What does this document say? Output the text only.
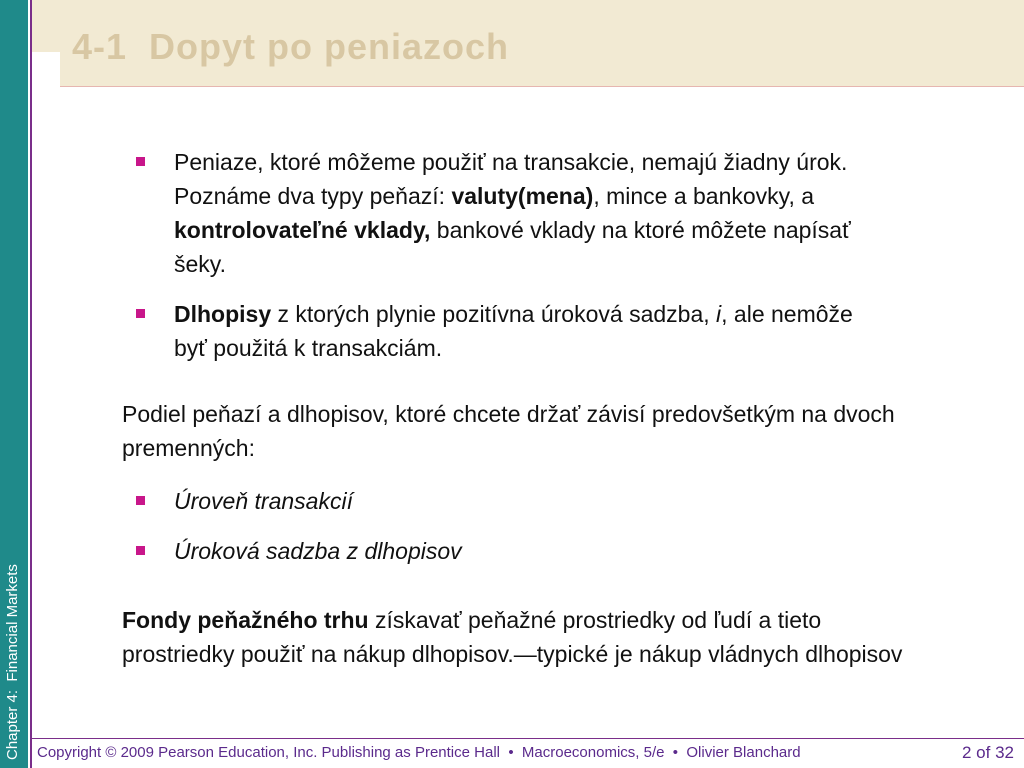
Chapter 4:  Financial Markets
4-1  Dopyt po peniazoch
Peniaze, ktoré môžeme použiť na transakcie, nemajú žiadny úrok. Poznáme dva typy peňazí: valuty(mena), mince a bankovky, a kontrolovateľné vklady, bankové vklady na ktoré môžete napísať šeky.
Dlhopisy z ktorých plynie pozitívna úroková sadzba, i, ale nemôže byť použitá k transakciám.
Podiel peňazí a dlhopisov, ktoré chcete držať závisí predovšetkým na dvoch premenných:
Úroveň transakcií
Úroková sadzba z dlhopisov
Fondy peňažného trhu získavať peňažné prostriedky od ľudí a tieto prostriedky použiť na nákup dlhopisov.—typické je nákup vládnych dlhopisov
Copyright © 2009 Pearson Education, Inc. Publishing as Prentice Hall  •  Macroeconomics, 5/e  •  Olivier Blanchard	2 of 32
